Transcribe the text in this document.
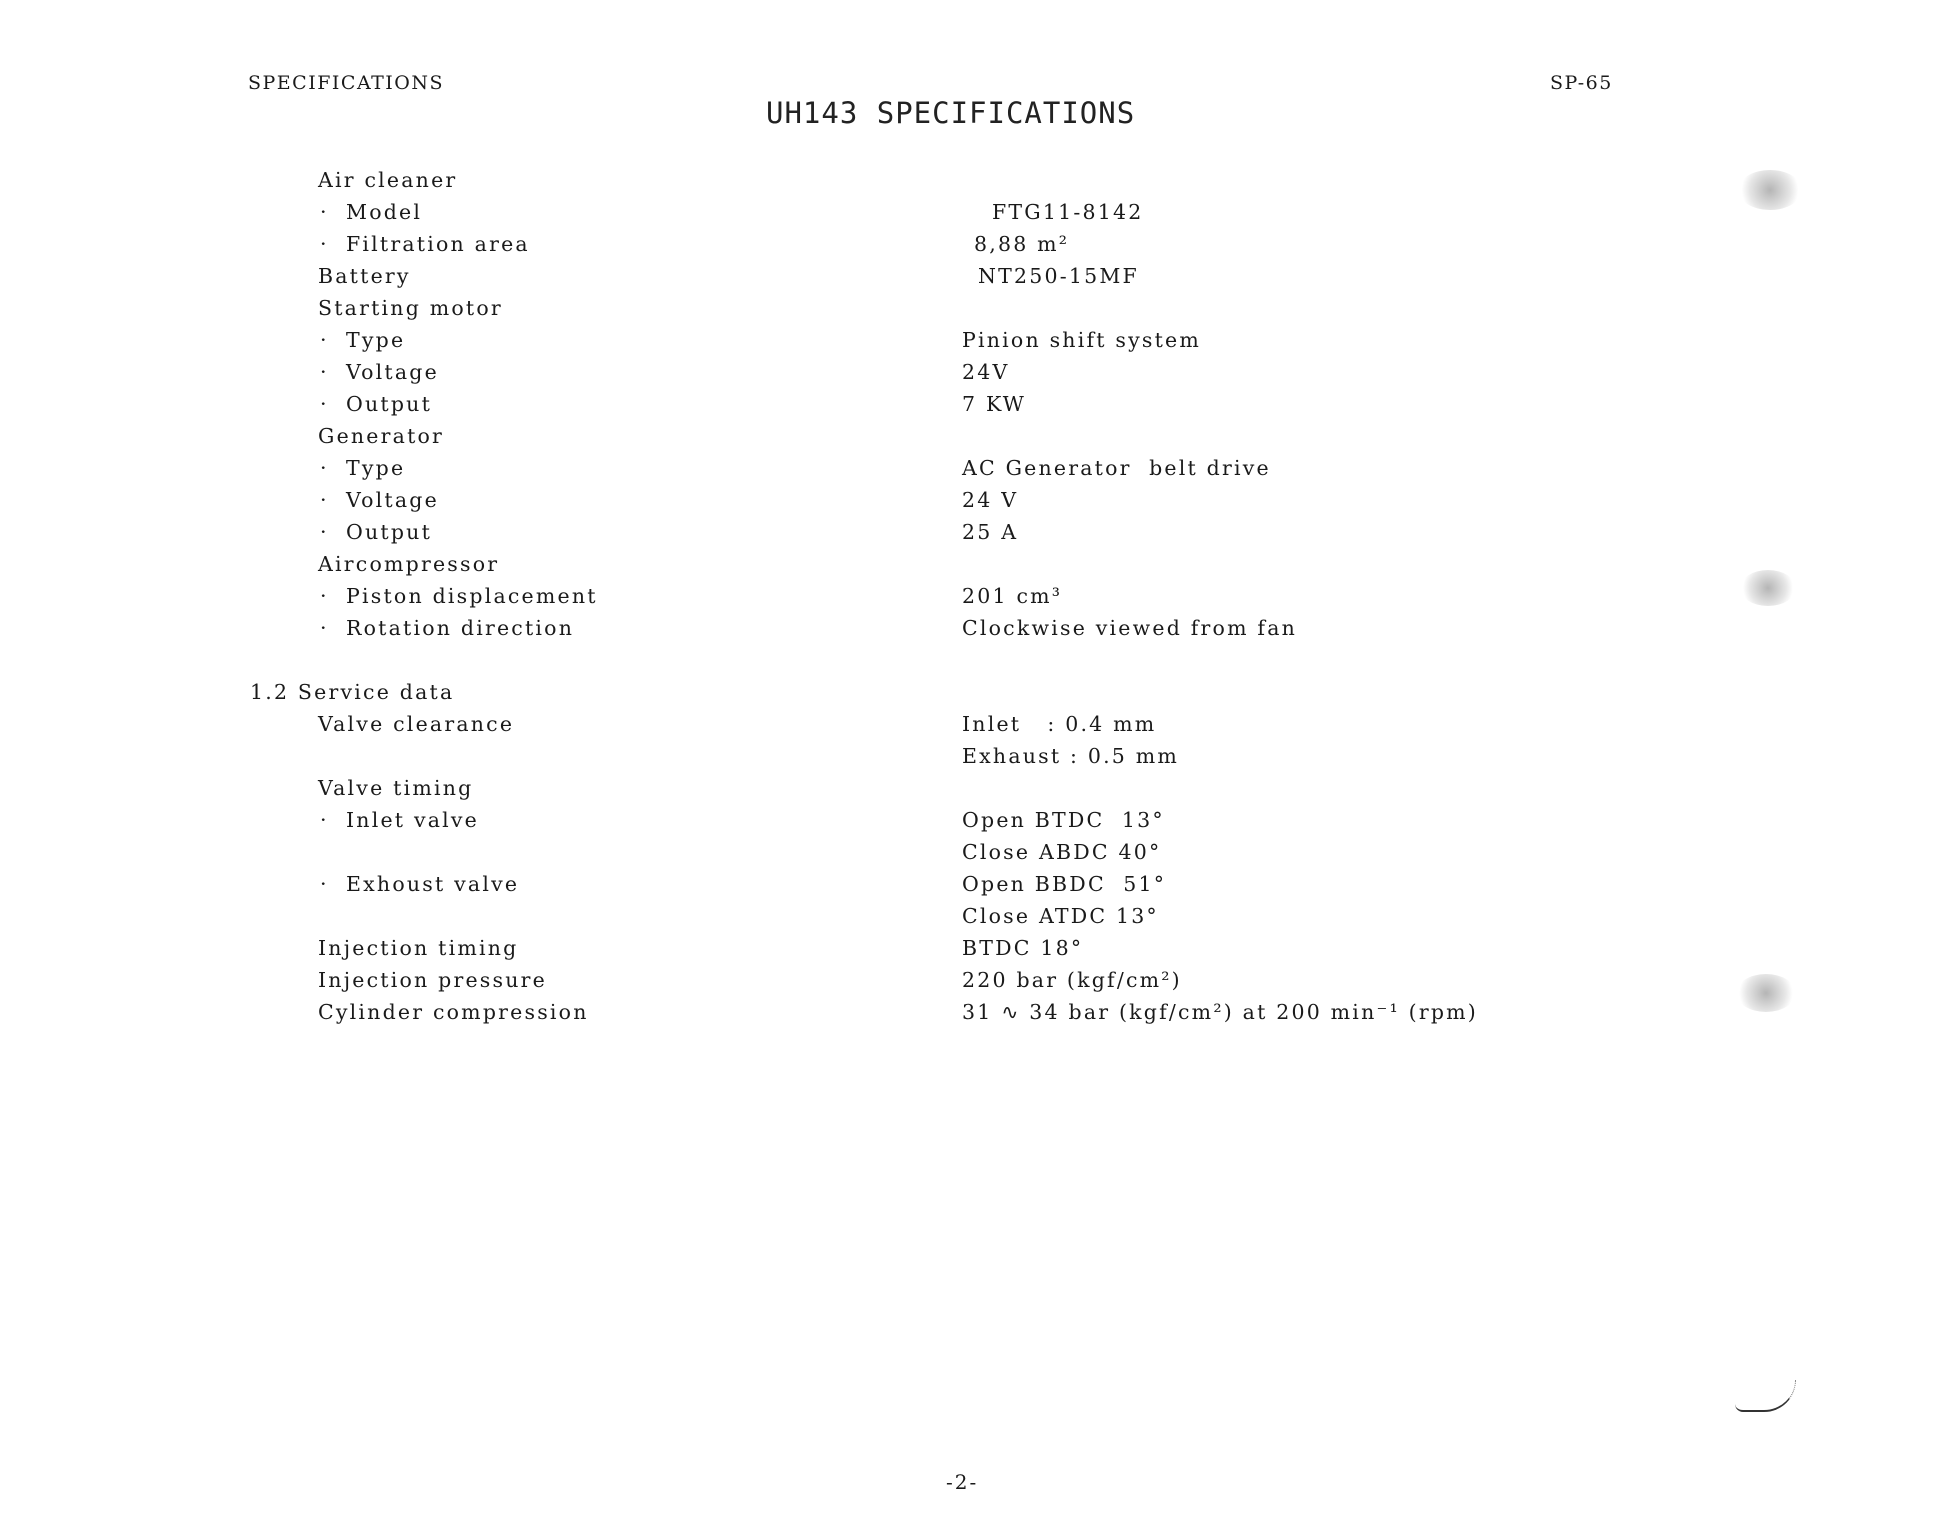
SPECIFICATIONS	SP-65
UH143 SPECIFICATIONS
Air cleaner
· Model	FTG11-8142
· Filtration area	8,88 m²
Battery	NT250-15MF
Starting motor
· Type	Pinion shift system
· Voltage	24V
· Output	7 KW
Generator
· Type	AC Generator  belt drive
· Voltage	24 V
· Output	25 A
Aircompressor
· Piston displacement	201 cm³
· Rotation direction	Clockwise viewed from fan
1.2 Service data
Valve clearance	Inlet   : 0.4 mm
Exhaust : 0.5 mm
Valve timing
· Inlet valve	Open BTDC  13°
Close ABDC 40°
· Exhoust valve	Open BBDC  51°
Close ATDC 13°
Injection timing	BTDC 18°
Injection pressure	220 bar (kgf/cm²)
Cylinder compression	31 ∿ 34 bar (kgf/cm²) at 200 min⁻¹ (rpm)
-2-
